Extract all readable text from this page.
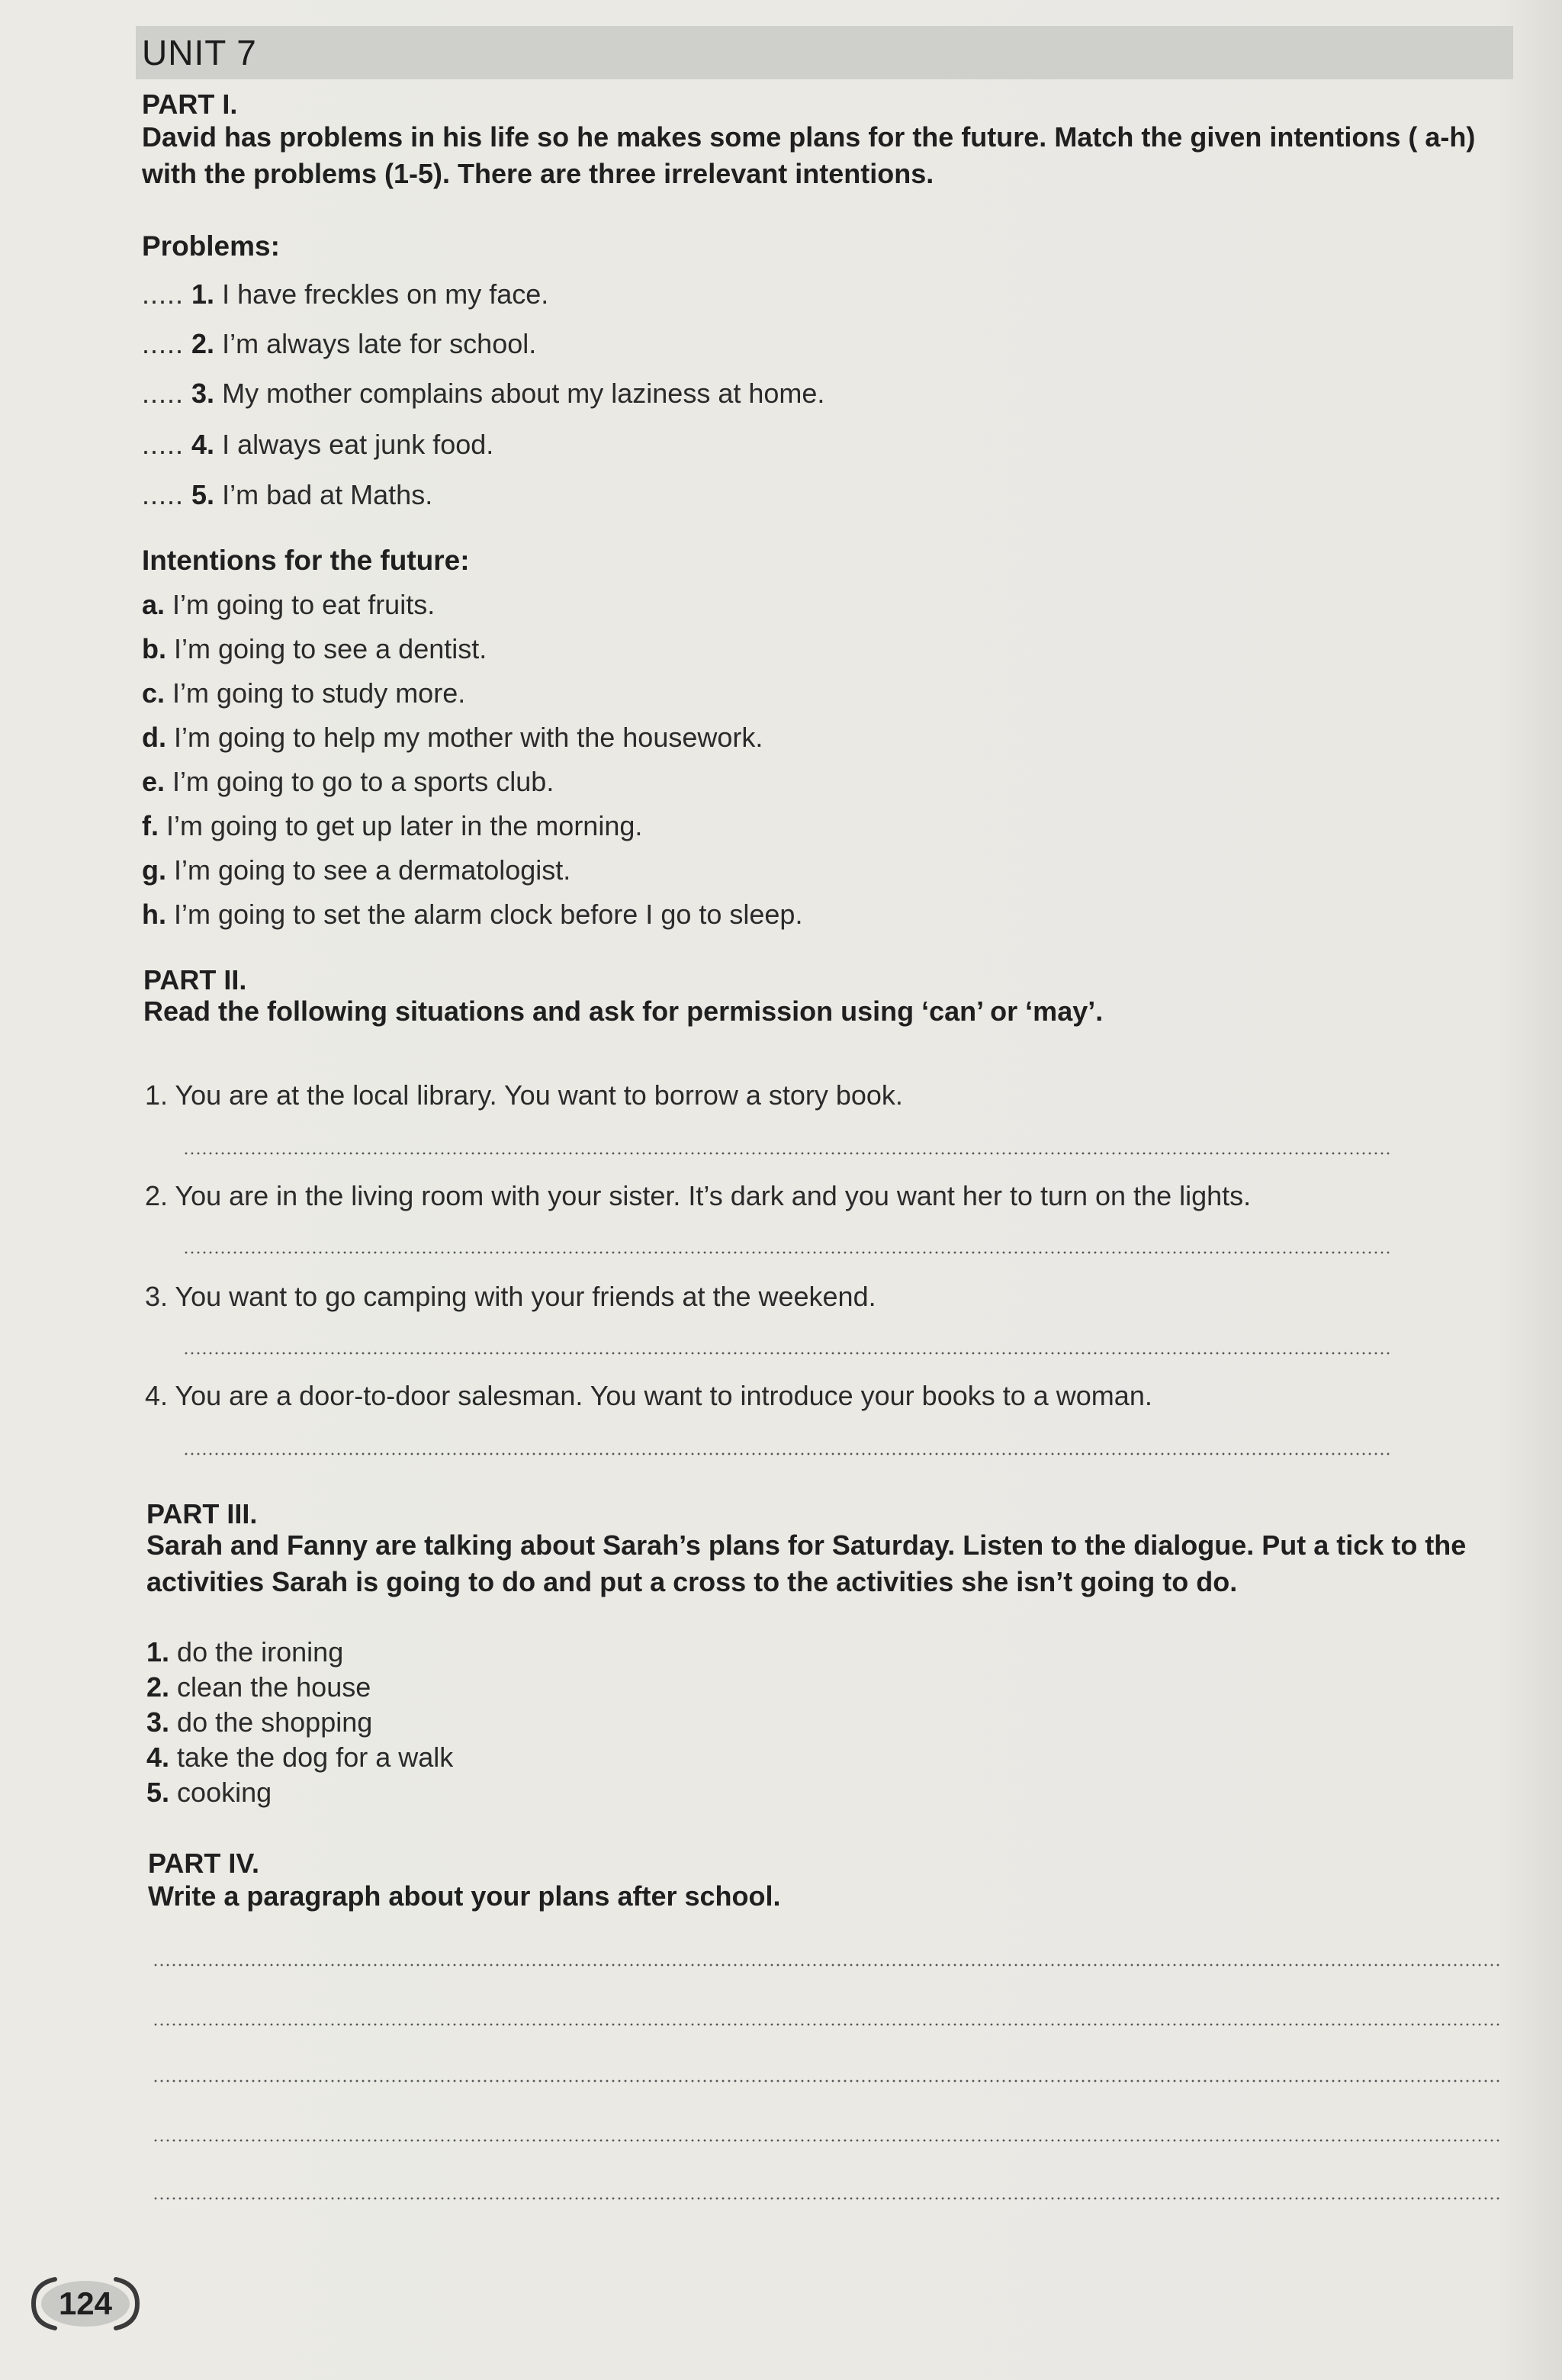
UNIT 7
PART I.
David has problems in his life so he makes some plans for the future. Match the given intentions ( a-h) with the problems (1-5). There are three irrelevant intentions.
Problems:
..... 1. I have freckles on my face.
..... 2. I’m always late for school.
..... 3. My mother complains about my laziness at home.
..... 4. I always eat junk food.
..... 5. I’m bad at Maths.
Intentions for the future:
a. I’m going to eat fruits.
b. I’m going to see a dentist.
c. I’m going to study more.
d. I’m going to help my mother with the housework.
e. I’m going to go to a sports club.
f. I’m going to get up later in the morning.
g. I’m going to see a dermatologist.
h. I’m going to set the alarm clock before I go to sleep.
PART II.
Read the following situations and ask for permission using ‘can’ or ‘may’.
1. You are at the local library. You want to borrow a story book.
2. You are in the living room with your sister. It’s dark and you want her to turn on the lights.
3. You want to go camping with your friends at the weekend.
4. You are a door-to-door salesman. You want to introduce your books to a woman.
PART III.
Sarah and Fanny are talking about Sarah’s plans for Saturday. Listen to the dialogue. Put a tick to the activities Sarah is going to do and put a cross to the activities she isn’t going to do.
1. do the ironing
2. clean the house
3. do the shopping
4. take the dog for a walk
5. cooking
PART IV.
Write a paragraph about your plans after school.
124
